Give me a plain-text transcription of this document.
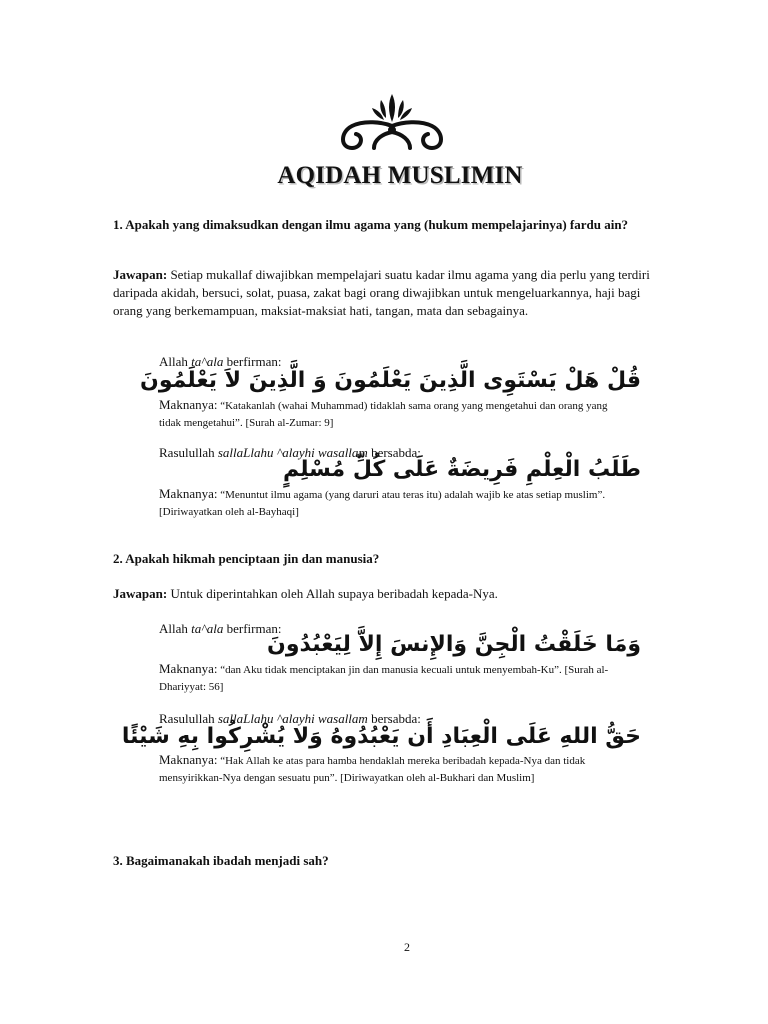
AQIDAH MUSLIMIN
1. Apakah yang dimaksudkan dengan ilmu agama yang (hukum mempelajarinya) fardu ain?
Jawapan: Setiap mukallaf diwajibkan mempelajari suatu kadar ilmu agama yang dia perlu yang terdiri daripada akidah, bersuci, solat, puasa, zakat bagi orang diwajibkan untuk mengeluarkannya, haji bagi orang yang berkemampuan, maksiat-maksiat hati, tangan, mata dan sebagainya.
Allah ta^ala berfirman:
قُلْ هَلْ يَسْتَوِى الَّذِينَ يَعْلَمُونَ وَ الَّذِينَ لاَ يَعْلَمُونَ
Maknanya: “Katakanlah (wahai Muhammad) tidaklah sama orang yang mengetahui dan orang yang tidak mengetahui”. [Surah al-Zumar: 9]
Rasulullah sallaLlahu ^alayhi wasallam bersabda:
طَلَبُ الْعِلْمِ فَرِيضَةٌ عَلَى كُلِّ مُسْلِمٍ
Maknanya: “Menuntut ilmu agama (yang daruri atau teras itu) adalah wajib ke atas setiap muslim”. [Diriwayatkan oleh al-Bayhaqi]
2. Apakah hikmah penciptaan jin dan manusia?
Jawapan: Untuk diperintahkan oleh Allah supaya beribadah kepada-Nya.
Allah ta^ala berfirman:
وَمَا خَلَقْتُ الْجِنَّ وَالإِنسَ إِلاَّ لِيَعْبُدُونَ
Maknanya: “dan Aku tidak menciptakan jin dan manusia kecuali untuk menyembah-Ku”. [Surah al-Dhariyyat: 56]
Rasulullah sallaLlahu ^alayhi wasallam bersabda:
حَقُّ اللهِ عَلَى الْعِبَادِ أَن يَعْبُدُوهُ وَلا يُشْرِكُوا بِهِ شَيْئًا
Maknanya: “Hak Allah ke atas para hamba hendaklah mereka beribadah kepada-Nya dan tidak mensyirikkan-Nya dengan sesuatu pun”. [Diriwayatkan oleh al-Bukhari dan Muslim]
3. Bagaimanakah ibadah menjadi sah?
2
